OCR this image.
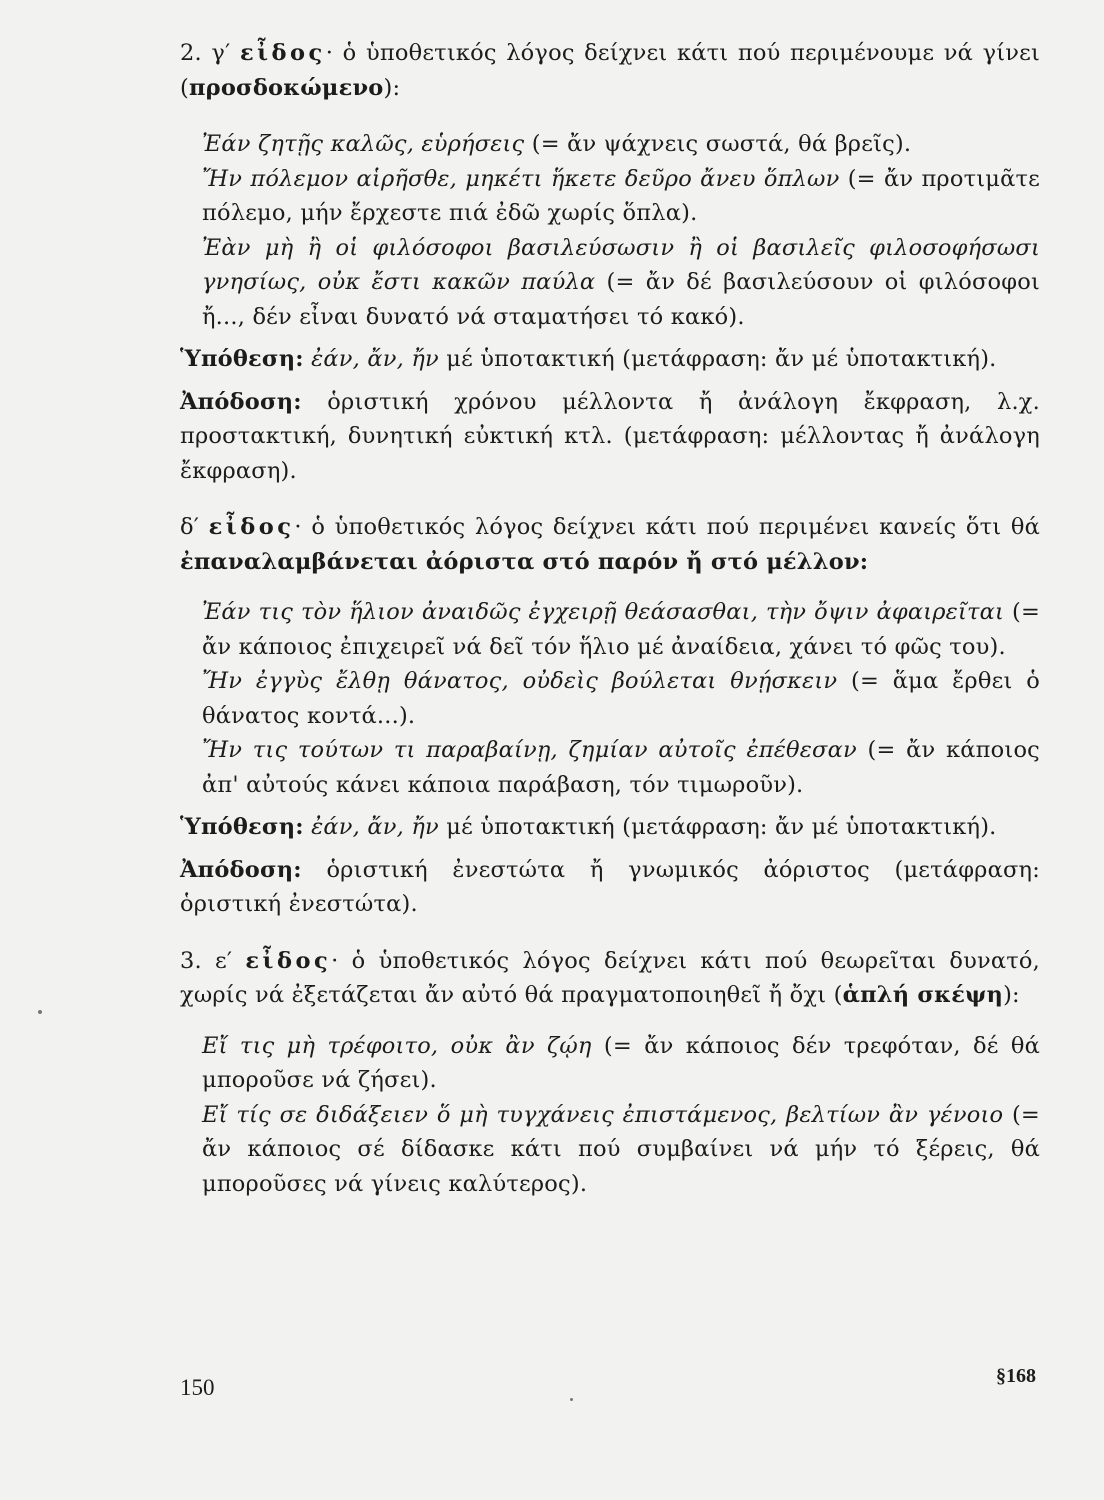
2. γ′ εἶδος· ὁ ὑποθετικός λόγος δείχνει κάτι πού περιμένουμε νά γίνει (προσδοκώμενο):

Ἐάν ζητῇς καλῶς, εὑρήσεις (= ἄν ψάχνεις σωστά, θά βρεῖς).

Ἤν πόλεμον αἱρῆσθε, μηκέτι ἥκετε δεῦρο ἄνευ ὅπλων (= ἄν προτιμᾶτε πόλεμο, μήν ἔρχεστε πιά ἐδῶ χωρίς ὅπλα).

Ἐὰν μὴ ἢ οἱ φιλόσοφοι βασιλεύσωσιν ἢ οἱ βασιλεῖς φιλοσοφήσωσι γνησίως, οὐκ ἔστι κακῶν παύλα (= ἄν δέ βασιλεύσουν οἱ φιλόσοφοι ἤ..., δέν εἶναι δυνατό νά σταματήσει τό κακό).

Ὑπόθεση: ἐάν, ἄν, ἤν μέ ὑποτακτική (μετάφραση: ἄν μέ ὑποτακτική).

Ἀπόδοση: ὁριστική χρόνου μέλλοντα ἤ ἀνάλογη ἔκφραση, λ.χ. προστακτική, δυνητική εὐκτική κτλ. (μετάφραση: μέλλοντας ἤ ἀνάλογη ἔκφραση).

δ′ εἶδος· ὁ ὑποθετικός λόγος δείχνει κάτι πού περιμένει κανείς ὅτι θά ἐπαναλαμβάνεται ἀόριστα στό παρόν ἤ στό μέλλον:

Ἐάν τις τὸν ἥλιον ἀναιδῶς ἐγχειρῇ θεάσασθαι, τὴν ὄψιν ἀφαιρεῖται (= ἄν κάποιος ἐπιχειρεῖ νά δεῖ τόν ἥλιο μέ ἀναίδεια, χάνει τό φῶς του).

Ἤν ἐγγὺς ἔλθῃ θάνατος, οὐδεὶς βούλεται θνῄσκειν (= ἅμα ἔρθει ὁ θάνατος κοντά...).

Ἤν τις τούτων τι παραβαίνῃ, ζημίαν αὐτοῖς ἐπέθεσαν (= ἄν κάποιος ἀπ' αὐτούς κάνει κάποια παράβαση, τόν τιμωροῦν).

Ὑπόθεση: ἐάν, ἄν, ἤν μέ ὑποτακτική (μετάφραση: ἄν μέ ὑποτακτική).

Ἀπόδοση: ὁριστική ἐνεστώτα ἤ γνωμικός ἀόριστος (μετάφραση: ὁριστική ἐνεστώτα).

3. ε′ εἶδος· ὁ ὑποθετικός λόγος δείχνει κάτι πού θεωρεῖται δυνατό, χωρίς νά ἐξετάζεται ἄν αὐτό θά πραγματοποιηθεῖ ἤ ὄχι (ἁπλή σκέψη):

Εἴ τις μὴ τρέφοιτο, οὐκ ἂν ζῴη (= ἄν κάποιος δέν τρεφόταν, δέ θά μποροῦσε νά ζήσει).

Εἴ τίς σε διδάξειεν ὅ μὴ τυγχάνεις ἐπιστάμενος, βελτίων ἂν γένοιο (= ἄν κάποιος σέ δίδασκε κάτι πού συμβαίνει νά μήν τό ξέρεις, θά μποροῦσες νά γίνεις καλύτερος).

150	§168
